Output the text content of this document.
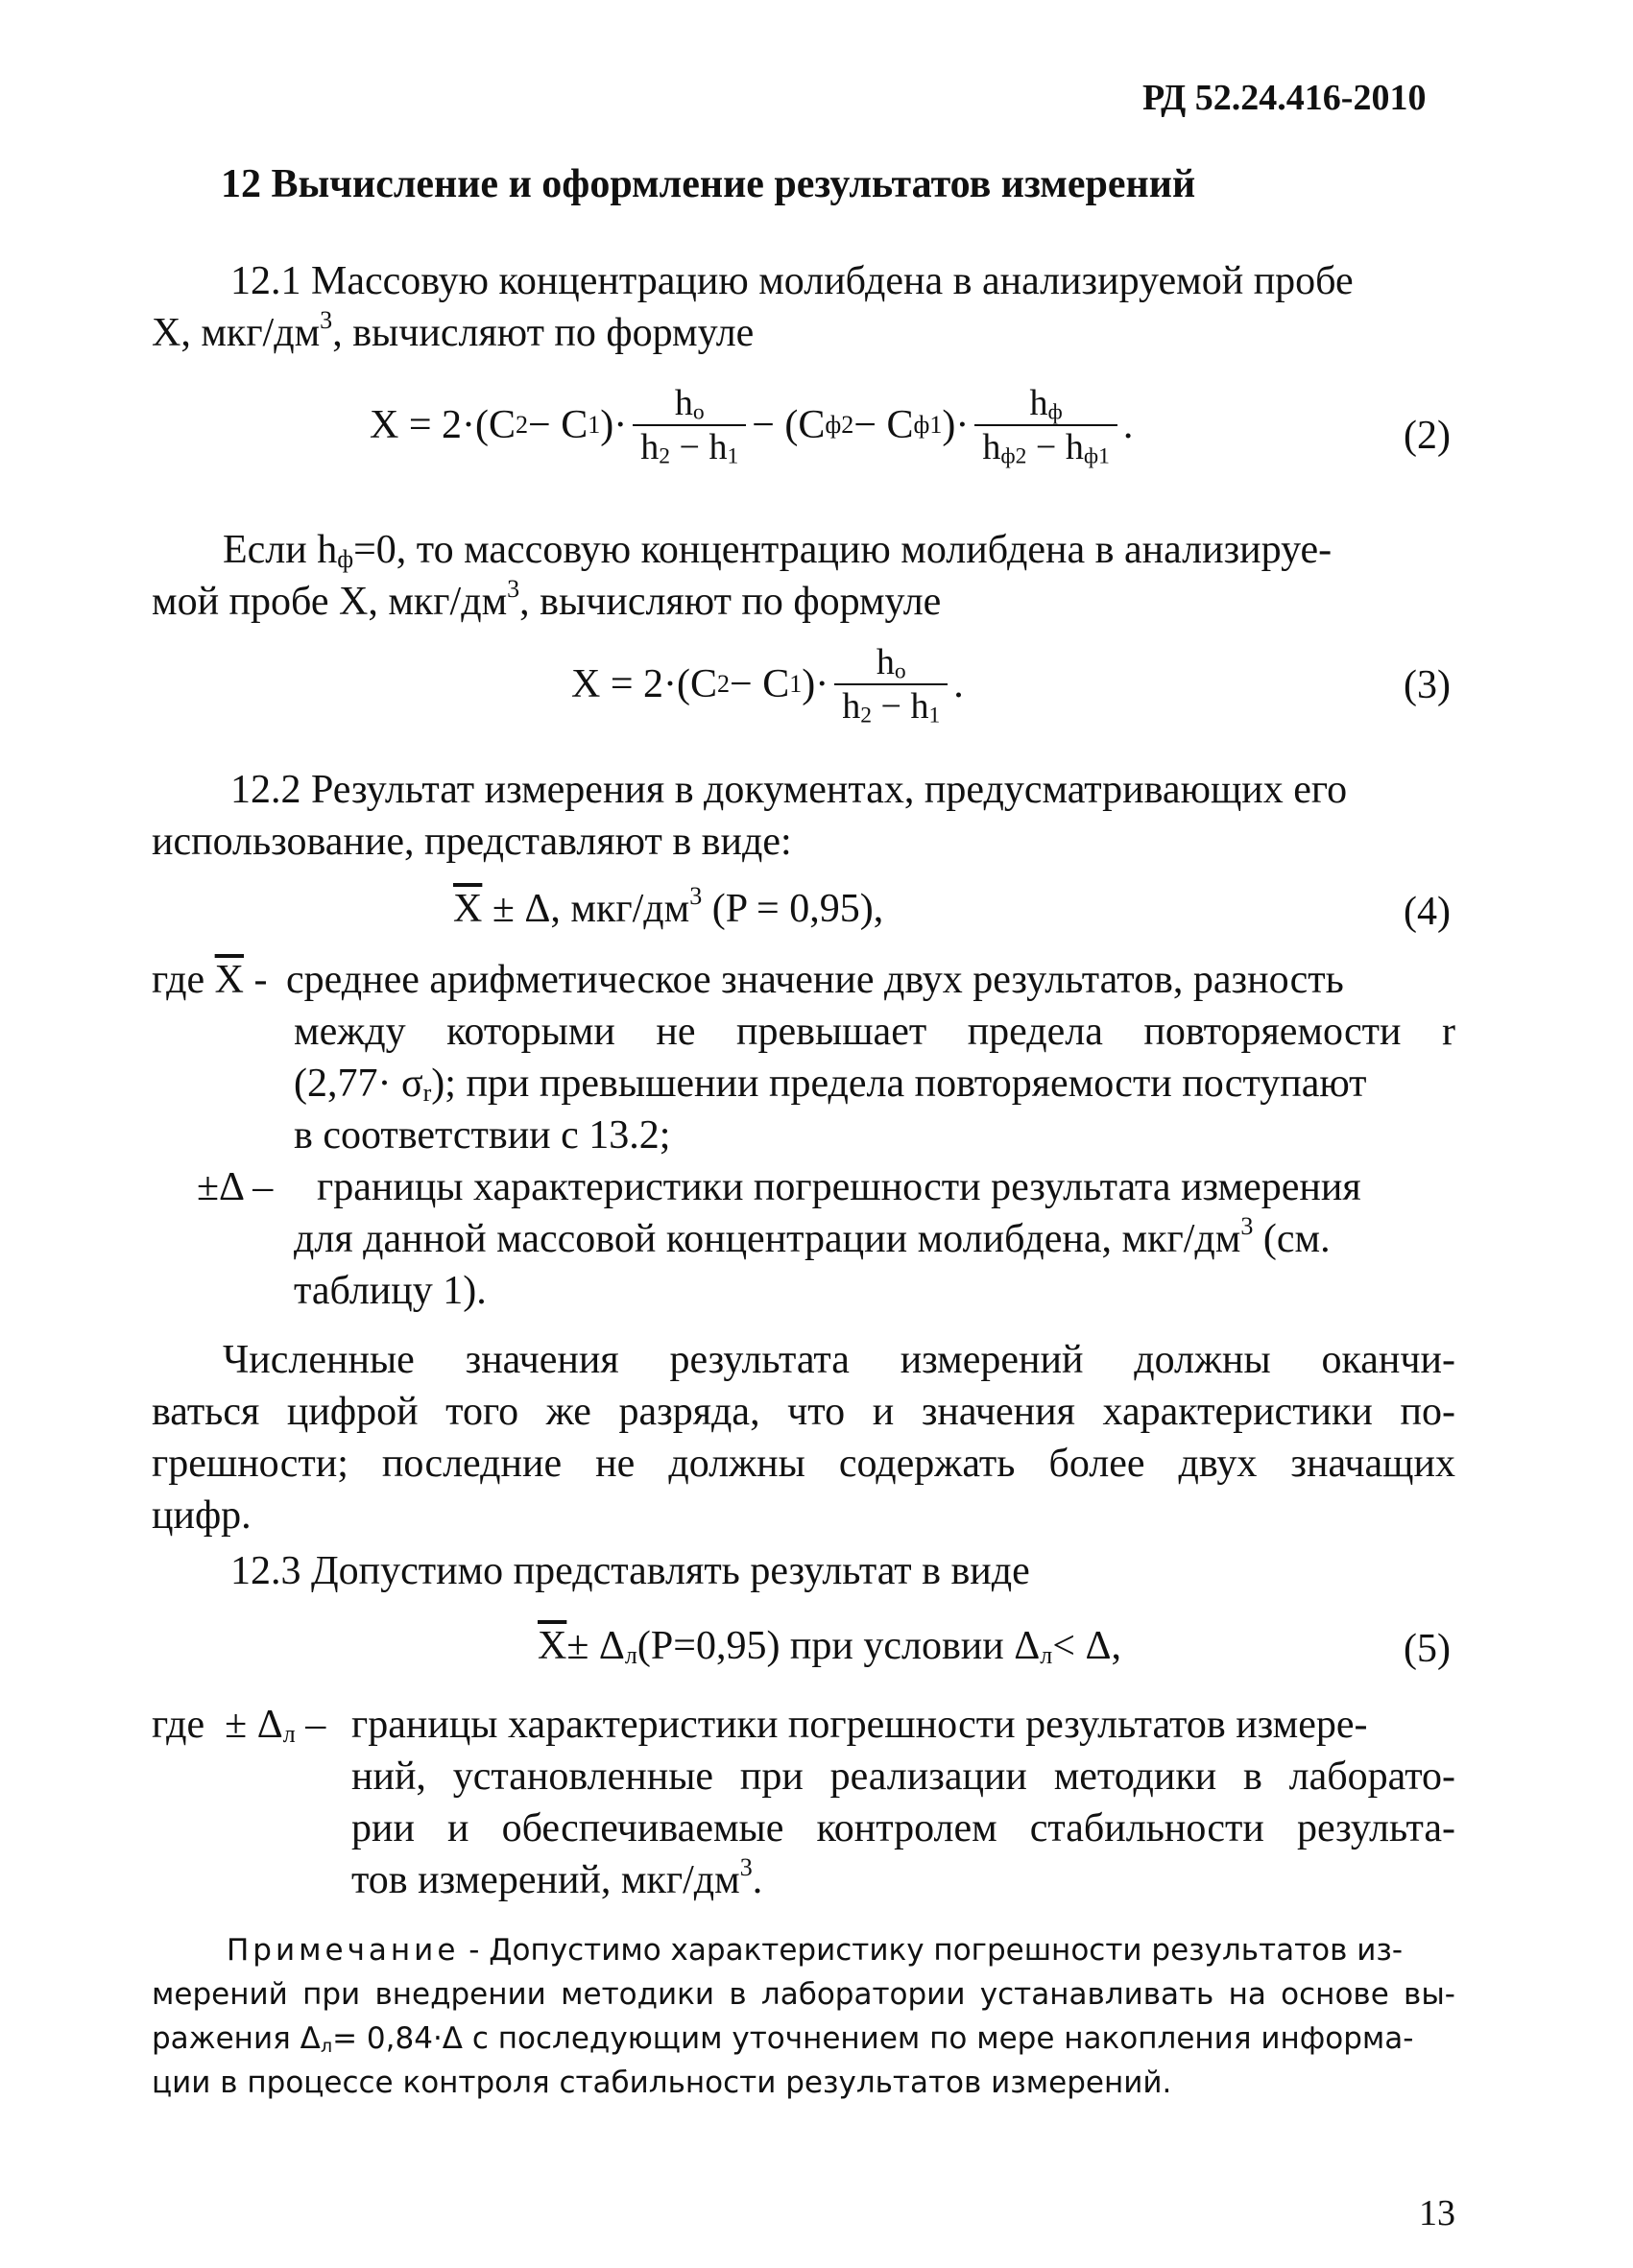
РД 52.24.416-2010
12 Вычисление и оформление результатов измерений
12.1 Массовую концентрацию молибдена в анализируемой пробе
X, мкг/$дм^3$, вычисляют по формуле
X = 2·(C 2 − C 1 )· $\frac{h_o}{h_2 - h_1} - (C$ ф2 − C ф1 )· $\frac{h_ф}{h_{ф2} - h_{ф1}}$ .	(2)
Если $h_ф=0$, то массовую концентрацию молибдена в анализируе-
мой пробе X, мкг/$дм^3$, вычисляют по формуле
X = 2·(C 2 − C 1 )· $\frac{h_o}{h_2 - h_1}$ .	(3)
12.2 Результат измерения в документах, предусматривающих его
использование, представляют в виде:
$\overline{X} \pm \Delta$, мкг/$дм^3$ (P = 0,95),	(4)
где $\overline{X}$ - среднее арифметическое значение двух результатов, разность
между которыми не превышает предела повторяемости r
$(2,77\cdot \sigma_r)$; при превышении предела повторяемости поступают
в соответствии с 13.2;
±Δ – границы характеристики погрешности результата измерения
для данной массовой концентрации молибдена, мкг/$дм^3$ (см.
таблицу 1).
Численные значения результата измерений должны оканчи-
ваться цифрой того же разряда, что и значения характеристики по-
грешности; последние не должны содержать более двух значащих
цифр.
12.3 Допустимо представлять результат в виде
$\overline{X}\pm \Delta_л(P=0,95)$ при условии $\Delta_л< \Delta$,	(5)
где ± $\Delta_л$ – границы характеристики погрешности результатов измере-
ний, установленные при реализации методики в лаборато-
рии и обеспечиваемые контролем стабильности результа-
тов измерений, мкг/$дм^3$.
Примечание - Допустимо характеристику погрешности результатов из-
мерений при внедрении методики в лаборатории устанавливать на основе вы-
ражения $\Delta_л= 0,84\cdot\Delta$ с последующим уточнением по мере накопления информа-
ции в процессе контроля стабильности результатов измерений.
13
